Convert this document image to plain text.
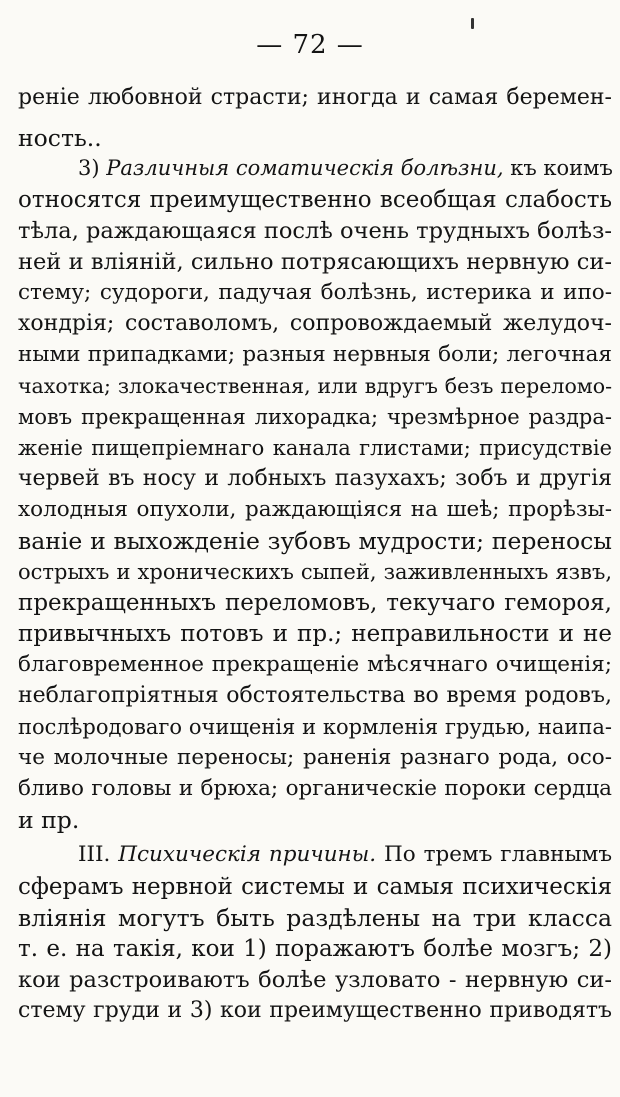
— 72 —
реніе любовной страсти; иногда и самая беремен-
ность..
3) Различныя соматическія болѣзни, къ коимъ
относятся преимущественно всеобщая слабость
тѣла, раждающаяся послѣ очень трудныхъ болѣз-
ней и вліяній, сильно потрясающихъ нервную си-
стему; судороги, падучая болѣзнь, истерика и ипо-
хондрія; составоломъ, сопровождаемый желудоч-
ными припадками; разныя нервныя боли; легочная
чахотка; злокачественная, или вдругъ безъ переломо-
мовъ прекращенная лихорадка; чрезмѣрное раздра-
женіе пищепріемнаго канала глистами; присудствіе
червей въ носу и лобныхъ пазухахъ; зобъ и другія
холодныя опухоли, раждающіяся на шеѣ; прорѣзы-
ваніе и выхожденіе зубовъ мудрости; переносы
острыхъ и хроническихъ сыпей, заживленныхъ язвъ,
прекращенныхъ переломовъ, текучаго гемороя,
привычныхъ потовъ и пр.; неправильности и не
благовременное прекращеніе мѣсячнаго очищенія;
неблагопріятныя обстоятельства во время родовъ,
послѣродоваго очищенія и кормленія грудью, наипа-
че молочные переносы; раненія разнаго рода, осо-
бливо головы и брюха; органическіе пороки сердца
и пр.
III. Психическія причины. По тремъ главнымъ
сферамъ нервной системы и самыя психическія
вліянія могутъ быть раздѣлены на три класса
т. е. на такія, кои 1) поражаютъ болѣе мозгъ; 2)
кои разстроиваютъ болѣе узловато - нервную си-
стему груди и 3) кои преимущественно приводятъ
